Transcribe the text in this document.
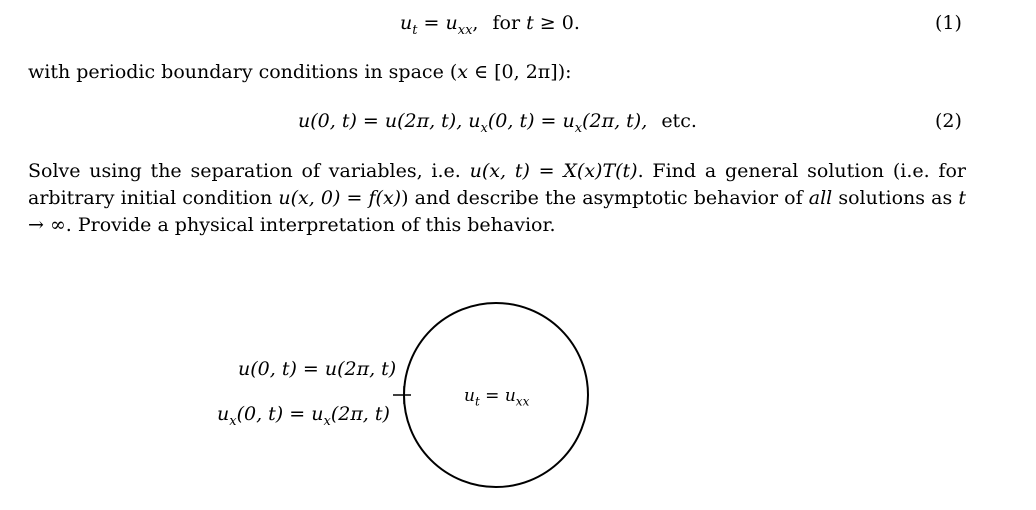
$u_t = u_{xx}$, for t ≥ 0.	(1)
with periodic boundary conditions in space (x ∈ [0, 2π]):
u(0, t) = u(2π, t), $u_x(0$, $t) = u_x(2\pi$, t), etc.	(2)
Solve using the separation of variables, i.e. u(x, t) = X(x)T(t). Find a general solution (i.e. for arbitrary initial condition u(x, 0) = f(x)) and describe the asymptotic behavior of all solutions as t → ∞. Provide a physical interpretation of this behavior.
u(0, t) = u(2π, t)
$u_x(0$, $t) = u_x(2\pi$, t)
$u_t = u_{xx}$
